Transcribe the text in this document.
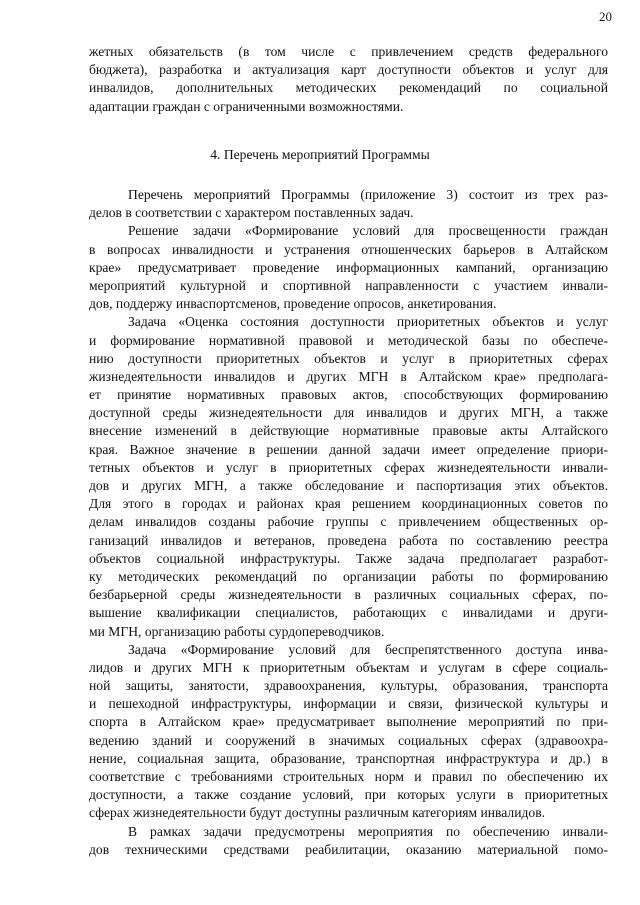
20
жетных обязательств (в том числе с привлечением средств федерального
бюджета), разработка и актуализация карт доступности объектов и услуг для
инвалидов, дополнительных методических рекомендаций по социальной
адаптации граждан с ограниченными возможностями.
4. Перечень мероприятий Программы
Перечень мероприятий Программы (приложение 3) состоит из трех раз-
делов в соответствии с характером поставленных задач.
Решение задачи «Формирование условий для просвещенности граждан
в вопросах инвалидности и устранения отношенческих барьеров в Алтайском
крае» предусматривает проведение информационных кампаний, организацию
мероприятий культурной и спортивной направленности с участием инвали-
дов, поддержу инваспортсменов, проведение опросов, анкетирования.
Задача «Оценка состояния доступности приоритетных объектов и услуг
и формирование нормативной правовой и методической базы по обеспече-
нию доступности приоритетных объектов и услуг в приоритетных сферах
жизнедеятельности инвалидов и других МГН в Алтайском крае» предполага-
ет принятие нормативных правовых актов, способствующих формированию
доступной среды жизнедеятельности для инвалидов и других МГН, а также
внесение изменений в действующие нормативные правовые акты Алтайского
края. Важное значение в решении данной задачи имеет определение приори-
тетных объектов и услуг в приоритетных сферах жизнедеятельности инвали-
дов и других МГН, а также обследование и паспортизация этих объектов.
Для этого в городах и районах края решением координационных советов по
делам инвалидов созданы рабочие группы с привлечением общественных ор-
ганизаций инвалидов и ветеранов, проведена работа по составлению реестра
объектов социальной инфраструктуры. Также задача предполагает разработ-
ку методических рекомендаций по организации работы по формированию
безбарьерной среды жизнедеятельности в различных социальных сферах, по-
вышение квалификации специалистов, работающих с инвалидами и други-
ми МГН, организацию работы сурдопереводчиков.
Задача «Формирование условий для беспрепятственного доступа инва-
лидов и других МГН к приоритетным объектам и услугам в сфере социаль-
ной защиты, занятости, здравоохранения, культуры, образования, транспорта
и пешеходной инфраструктуры, информации и связи, физической культуры и
спорта в Алтайском крае» предусматривает выполнение мероприятий по при-
ведению зданий и сооружений в значимых социальных сферах (здравоохра-
нение, социальная защита, образование, транспортная инфраструктура и др.) в
соответствие с требованиями строительных норм и правил по обеспечению их
доступности, а также создание условий, при которых услуги в приоритетных
сферах жизнедеятельности будут доступны различным категориям инвалидов.
В рамках задачи предусмотрены мероприятия по обеспечению инвали-
дов техническими средствами реабилитации, оказанию материальной помо-
